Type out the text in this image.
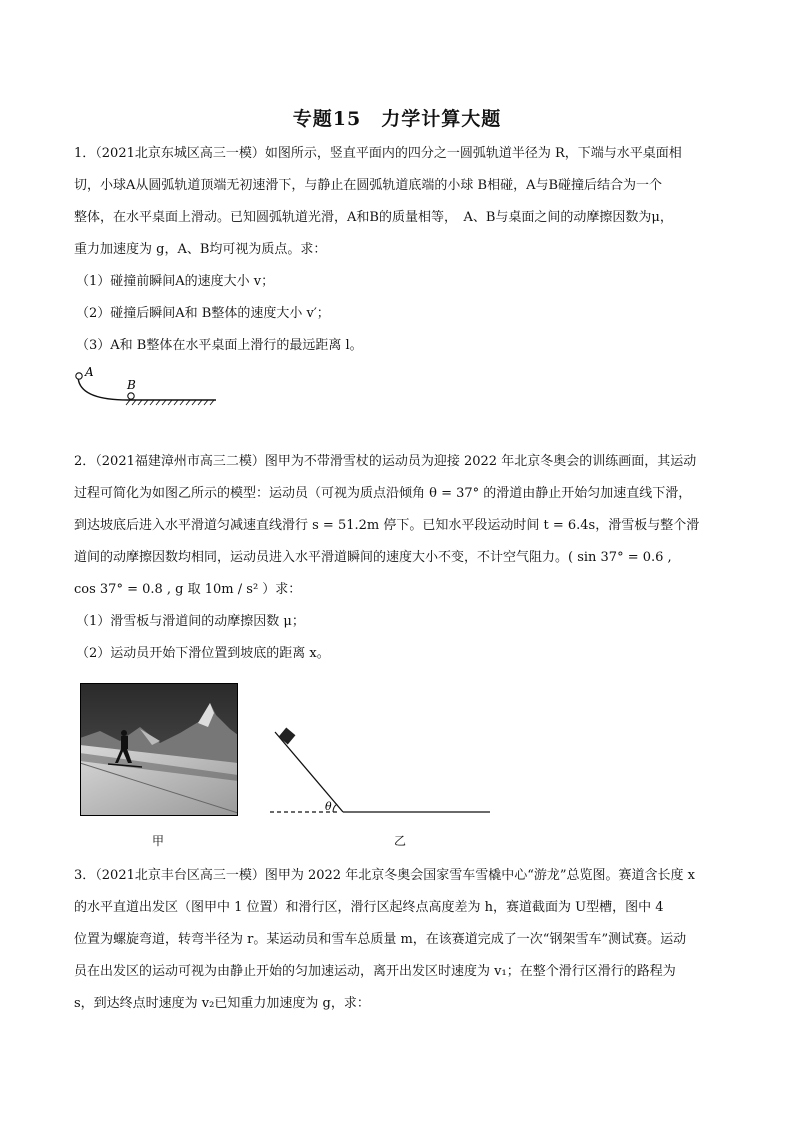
专题15　力学计算大题
1．（2021北京东城区高三一模）如图所示，竖直平面内的四分之一圆弧轨道半径为 R，下端与水平桌面相
切，小球A从圆弧轨道顶端无初速滑下，与静止在圆弧轨道底端的小球 B相碰，A与B碰撞后结合为一个
整体，在水平桌面上滑动。已知圆弧轨道光滑，A和B的质量相等，　A、B与桌面之间的动摩擦因数为μ，
重力加速度为 g，A、B均可视为质点。求：
（1）碰撞前瞬间A的速度大小 v；
（2）碰撞后瞬间A和 B整体的速度大小 v′；
（3）A和 B整体在水平桌面上滑行的最远距离 l。
A
B
2．（2021福建漳州市高三二模）图甲为不带滑雪杖的运动员为迎接 2022 年北京冬奥会的训练画面，其运动
过程可简化为如图乙所示的模型：运动员（可视为质点沿倾角 θ = 37° 的滑道由静止开始匀加速直线下滑，
到达坡底后进入水平滑道匀减速直线滑行 s = 51.2m 停下。已知水平段运动时间 t = 6.4s，滑雪板与整个滑
道间的动摩擦因数均相同，运动员进入水平滑道瞬间的速度大小不变，不计空气阻力。( sin 37° = 0.6 ,
cos 37° = 0.8 , g 取 10m / s² ）求：
（1）滑雪板与滑道间的动摩擦因数 μ；
（2）运动员开始下滑位置到坡底的距离 x。
甲
θ
乙
3．（2021北京丰台区高三一模）图甲为 2022 年北京冬奥会国家雪车雪橇中心“游龙”总览图。赛道含长度 x
的水平直道出发区（图甲中 1 位置）和滑行区，滑行区起终点高度差为 h，赛道截面为 U型槽，图中 4
位置为螺旋弯道，转弯半径为 r。某运动员和雪车总质量 m，在该赛道完成了一次“钢架雪车”测试赛。运动
员在出发区的运动可视为由静止开始的匀加速运动，离开出发区时速度为 v₁；在整个滑行区滑行的路程为
s，到达终点时速度为 v₂已知重力加速度为 g，求：
